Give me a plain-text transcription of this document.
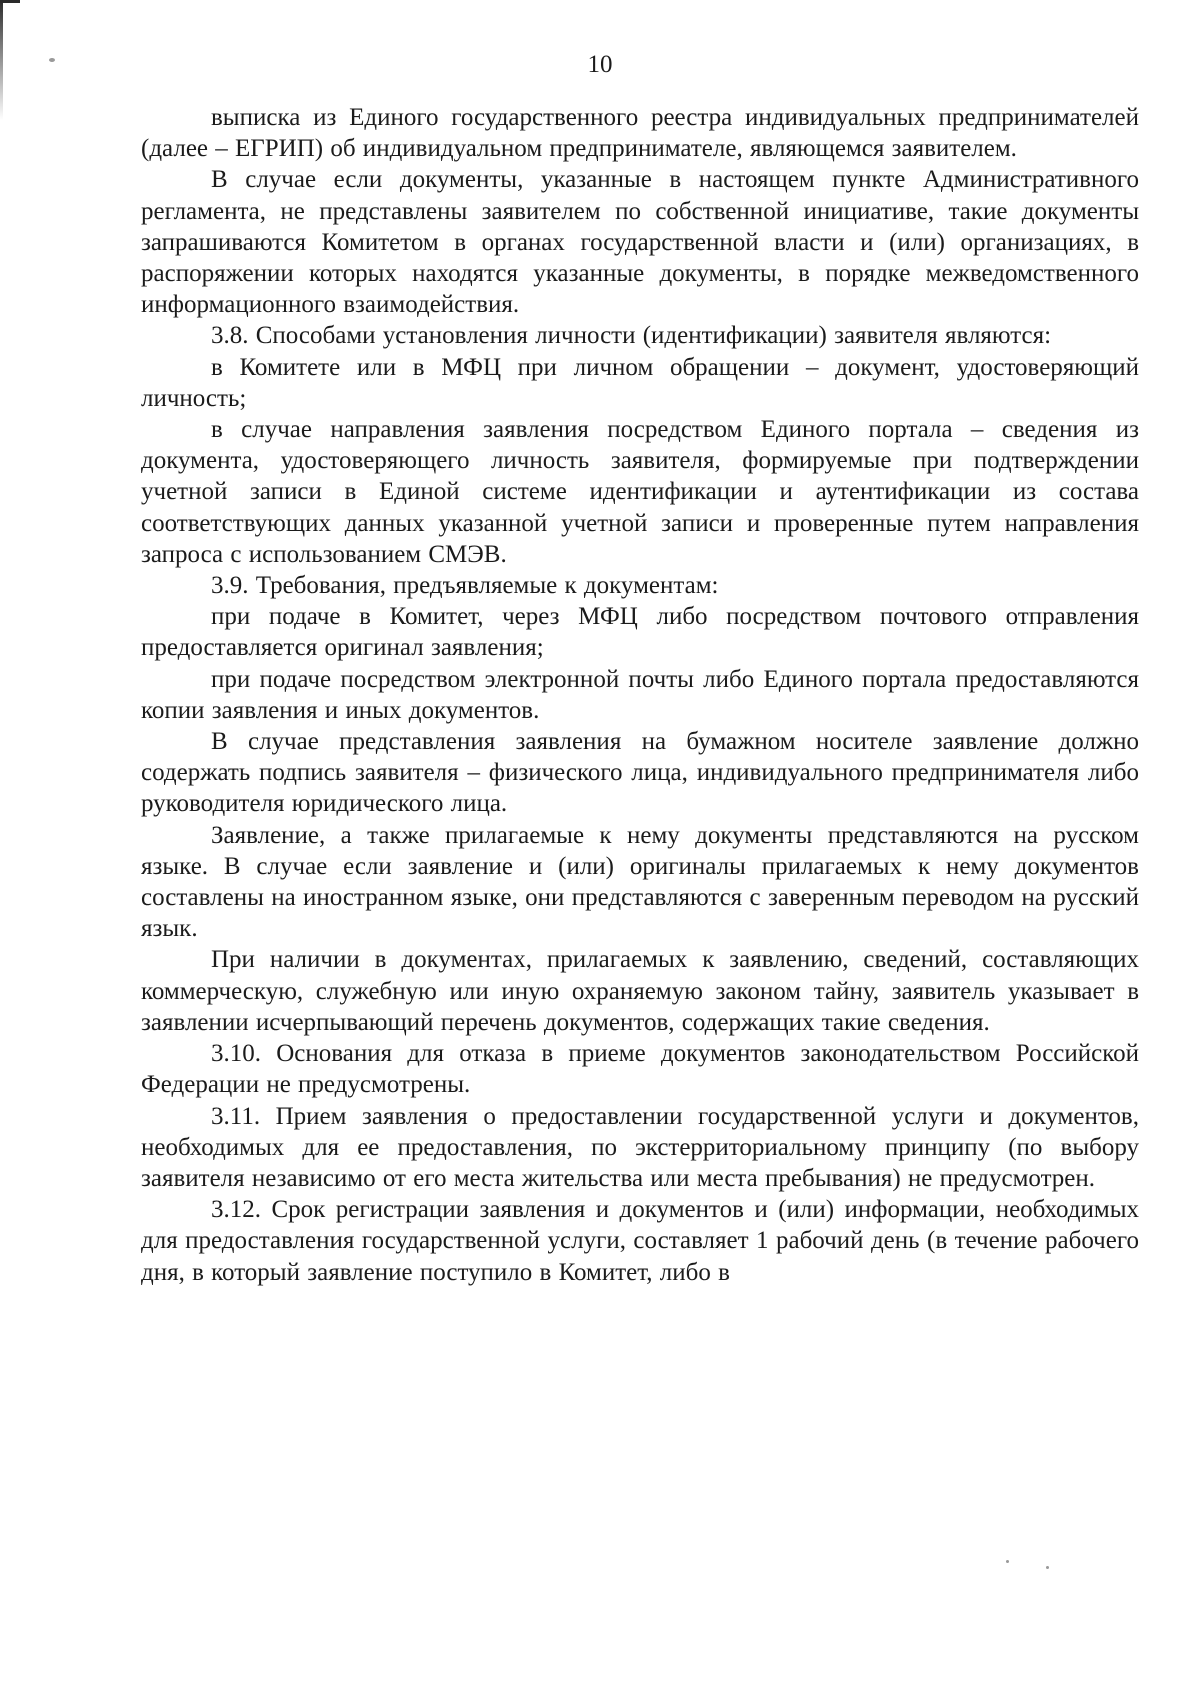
10

выписка из Единого государственного реестра индивидуальных предпринимателей (далее – ЕГРИП) об индивидуальном предпринимателе, являющемся заявителем.

В случае если документы, указанные в настоящем пункте Административного регламента, не представлены заявителем по собственной инициативе, такие документы запрашиваются Комитетом в органах государственной власти и (или) организациях, в распоряжении которых находятся указанные документы, в порядке межведомственного информационного взаимодействия.

3.8. Способами установления личности (идентификации) заявителя являются:

в Комитете или в МФЦ при личном обращении – документ, удостоверяющий личность;

в случае направления заявления посредством Единого портала – сведения из документа, удостоверяющего личность заявителя, формируемые при подтверждении учетной записи в Единой системе идентификации и аутентификации из состава соответствующих данных указанной учетной записи и проверенные путем направления запроса с использованием СМЭВ.

3.9. Требования, предъявляемые к документам:

при подаче в Комитет, через МФЦ либо посредством почтового отправления предоставляется оригинал заявления;

при подаче посредством электронной почты либо Единого портала предоставляются копии заявления и иных документов.

В случае представления заявления на бумажном носителе заявление должно содержать подпись заявителя – физического лица, индивидуального предпринимателя либо руководителя юридического лица.

Заявление, а также прилагаемые к нему документы представляются на русском языке. В случае если заявление и (или) оригиналы прилагаемых к нему документов составлены на иностранном языке, они представляются с заверенным переводом на русский язык.

При наличии в документах, прилагаемых к заявлению, сведений, составляющих коммерческую, служебную или иную охраняемую законом тайну, заявитель указывает в заявлении исчерпывающий перечень документов, содержащих такие сведения.

3.10. Основания для отказа в приеме документов законодательством Российской Федерации не предусмотрены.

3.11. Прием заявления о предоставлении государственной услуги и документов, необходимых для ее предоставления, по экстерриториальному принципу (по выбору заявителя независимо от его места жительства или места пребывания) не предусмотрен.

3.12. Срок регистрации заявления и документов и (или) информации, необходимых для предоставления государственной услуги, составляет 1 рабочий день (в течение рабочего дня, в который заявление поступило в Комитет, либо в
